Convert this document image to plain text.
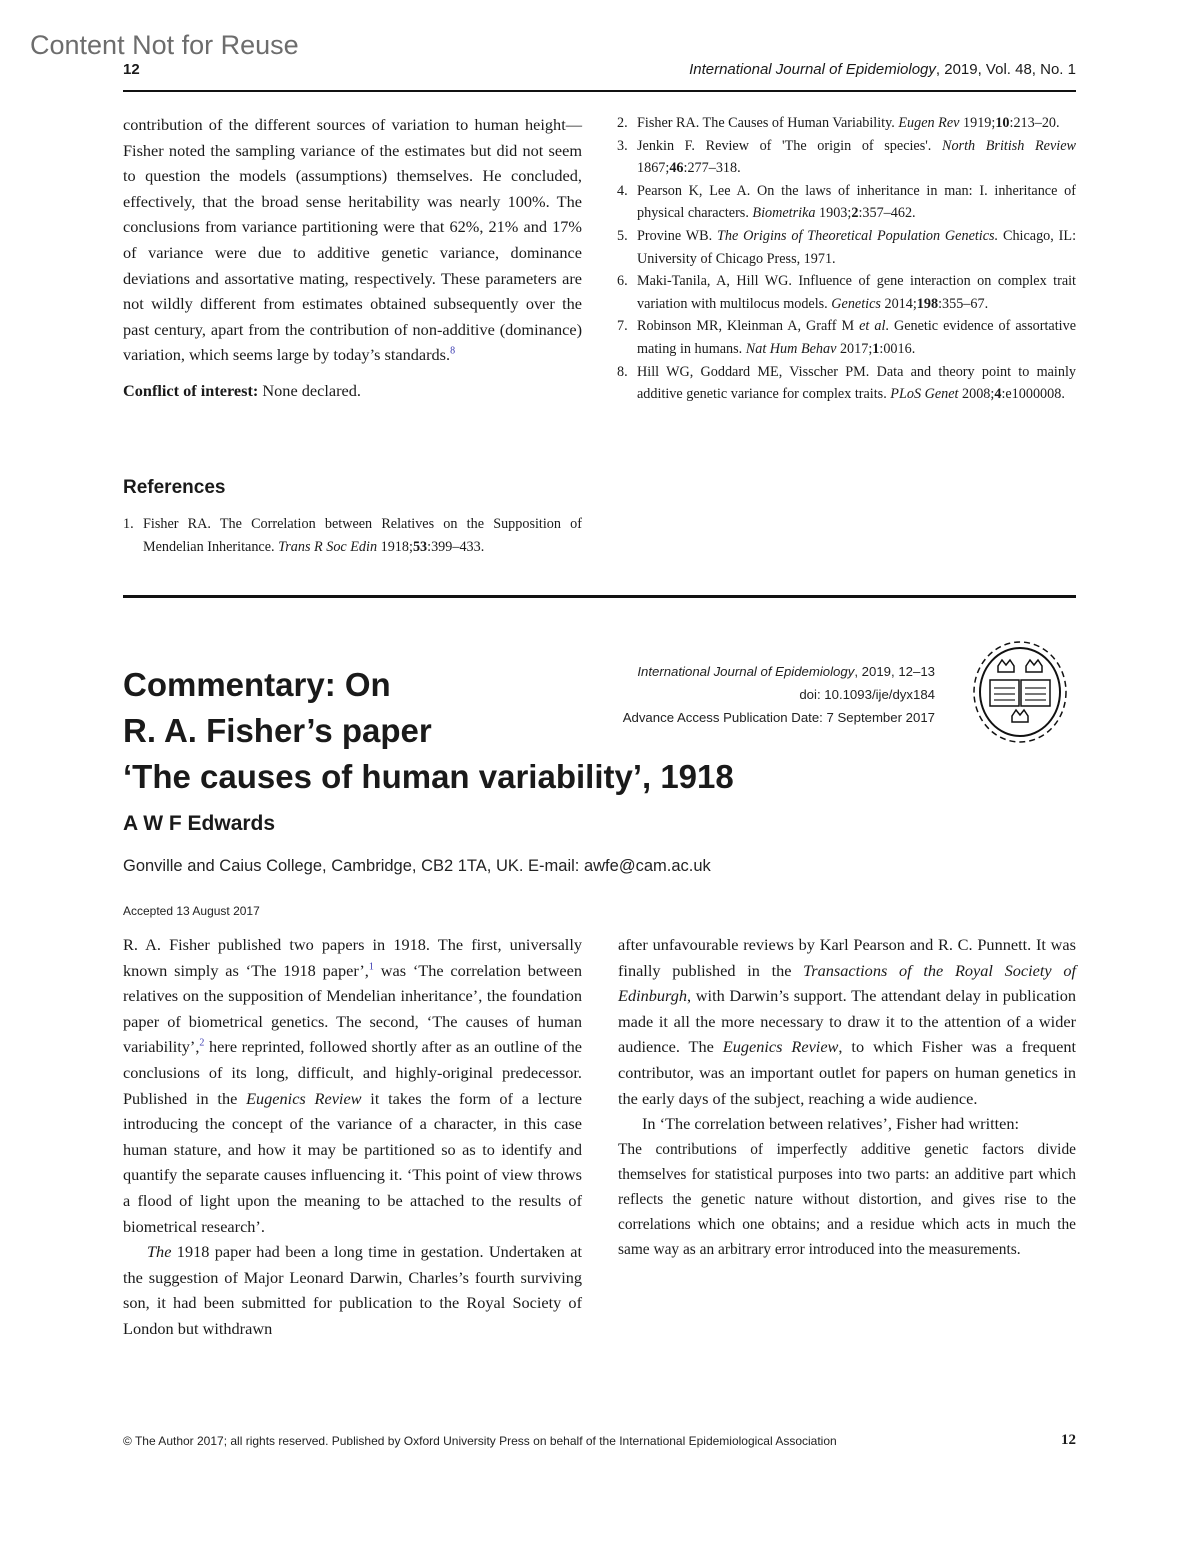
Content Not for Reuse
12	International Journal of Epidemiology, 2019, Vol. 48, No. 1

contribution of the different sources of variation to human height—Fisher noted the sampling variance of the estimates but did not seem to question the models (assumptions) themselves. He concluded, effectively, that the broad sense heritability was nearly 100%. The conclusions from variance partitioning were that 62%, 21% and 17% of variance were due to additive genetic variance, dominance deviations and assortative mating, respectively. These parameters are not wildly different from estimates obtained subsequently over the past century, apart from the contribution of non-additive (dominance) variation, which seems large by today’s standards.$^8$

Conflict of interest: None declared.

References
1. Fisher RA. The Correlation between Relatives on the Supposition of Mendelian Inheritance. Trans R Soc Edin 1918;53:399–433.
2. Fisher RA. The Causes of Human Variability. Eugen Rev 1919;10:213–20.
3. Jenkin F. Review of 'The origin of species'. North British Review 1867;46:277–318.
4. Pearson K, Lee A. On the laws of inheritance in man: I. inheritance of physical characters. Biometrika 1903;2:357–462.
5. Provine WB. The Origins of Theoretical Population Genetics. Chicago, IL: University of Chicago Press, 1971.
6. Maki-Tanila, A, Hill WG. Influence of gene interaction on complex trait variation with multilocus models. Genetics 2014;198:355–67.
7. Robinson MR, Kleinman A, Graff M et al. Genetic evidence of assortative mating in humans. Nat Hum Behav 2017;1:0016.
8. Hill WG, Goddard ME, Visscher PM. Data and theory point to mainly additive genetic variance for complex traits. PLoS Genet 2008;4:e1000008.
Commentary: On
R. A. Fisher’s paper
‘The causes of human variability’, 1918
International Journal of Epidemiology, 2019, 12–13
doi: 10.1093/ije/dyx184
Advance Access Publication Date: 7 September 2017
A W F Edwards
Gonville and Caius College, Cambridge, CB2 1TA, UK. E-mail: awfe@cam.ac.uk
Accepted 13 August 2017

R. A. Fisher published two papers in 1918. The first, universally known simply as ‘The 1918 paper’,$^1$ was ‘The correlation between relatives on the supposition of Mendelian inheritance’, the foundation paper of biometrical genetics. The second, ‘The causes of human variability’,$^2$ here reprinted, followed shortly after as an outline of the conclusions of its long, difficult, and highly-original predecessor. Published in the Eugenics Review it takes the form of a lecture introducing the concept of the variance of a character, in this case human stature, and how it may be partitioned so as to identify and quantify the separate causes influencing it. ‘This point of view throws a flood of light upon the meaning to be attached to the results of biometrical research’.

The 1918 paper had been a long time in gestation. Undertaken at the suggestion of Major Leonard Darwin, Charles’s fourth surviving son, it had been submitted for publication to the Royal Society of London but withdrawn

after unfavourable reviews by Karl Pearson and R. C. Punnett. It was finally published in the Transactions of the Royal Society of Edinburgh, with Darwin’s support. The attendant delay in publication made it all the more necessary to draw it to the attention of a wider audience. The Eugenics Review, to which Fisher was a frequent contributor, was an important outlet for papers on human genetics in the early days of the subject, reaching a wide audience.

In ‘The correlation between relatives’, Fisher had written:

The contributions of imperfectly additive genetic factors divide themselves for statistical purposes into two parts: an additive part which reflects the genetic nature without distortion, and gives rise to the correlations which one obtains; and a residue which acts in much the same way as an arbitrary error introduced into the measurements.

© The Author 2017; all rights reserved. Published by Oxford University Press on behalf of the International Epidemiological Association	12
